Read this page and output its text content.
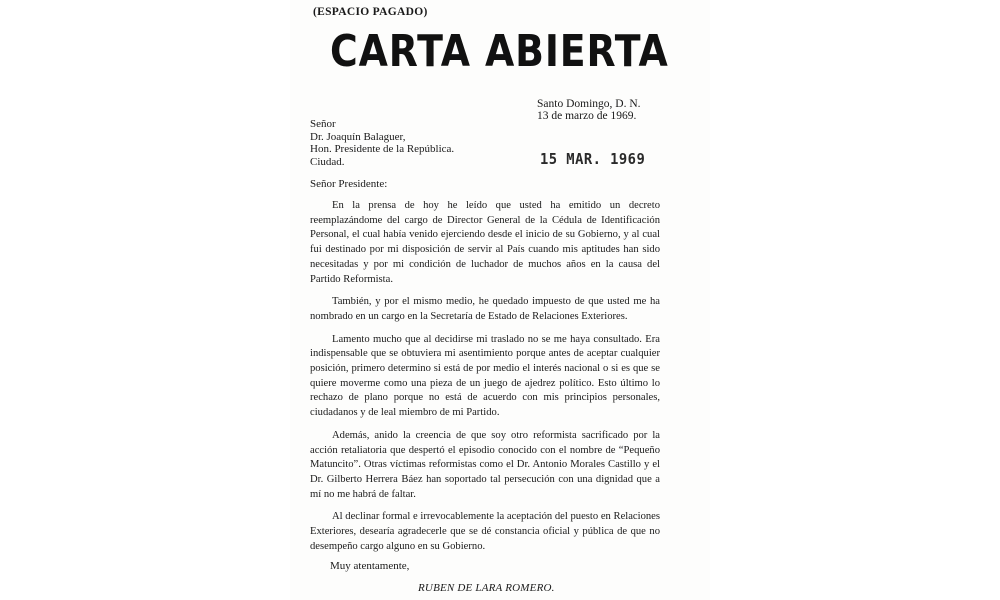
(ESPACIO PAGADO)
CARTA ABIERTA
Santo Domingo, D. N.
13 de marzo de 1969.
Señor
Dr. Joaquín Balaguer,
Hon. Presidente de la República.
Ciudad.	15 MAR. 1969
Señor Presidente:

En la prensa de hoy he leído que usted ha emitido un decreto reemplazándome del cargo de Director General de la Cédula de Identificación Personal, el cual había venido ejerciendo desde el inicio de su Gobierno, y al cual fui destinado por mi disposición de servir al País cuando mis aptitudes han sido necesitadas y por mi condición de luchador de muchos años en la causa del Partido Reformista.

También, y por el mismo medio, he quedado impuesto de que usted me ha nombrado en un cargo en la Secretaría de Estado de Relaciones Exteriores.

Lamento mucho que al decidirse mi traslado no se me haya consultado. Era indispensable que se obtuviera mi asentimiento porque antes de aceptar cualquier posición, primero determino si está de por medio el interés nacional o si es que se quiere moverme como una pieza de un juego de ajedrez político. Esto último lo rechazo de plano porque no está de acuerdo con mis principios personales, ciudadanos y de leal miembro de mi Partido.

Además, anido la creencia de que soy otro reformista sacrificado por la acción retaliatoria que despertó el episodio conocido con el nombre de “Pequeño Matuncito”. Otras víctimas reformistas como el Dr. Antonio Morales Castillo y el Dr. Gilberto Herrera Báez han soportado tal persecución con una dignidad que a mí no me habrá de faltar.

Al declinar formal e irrevocablemente la aceptación del puesto en Relaciones Exteriores, desearía agradecerle que se dé constancia oficial y pública de que no desempeño cargo alguno en su Gobierno.

Muy atentamente,
RUBEN DE LARA ROMERO.
